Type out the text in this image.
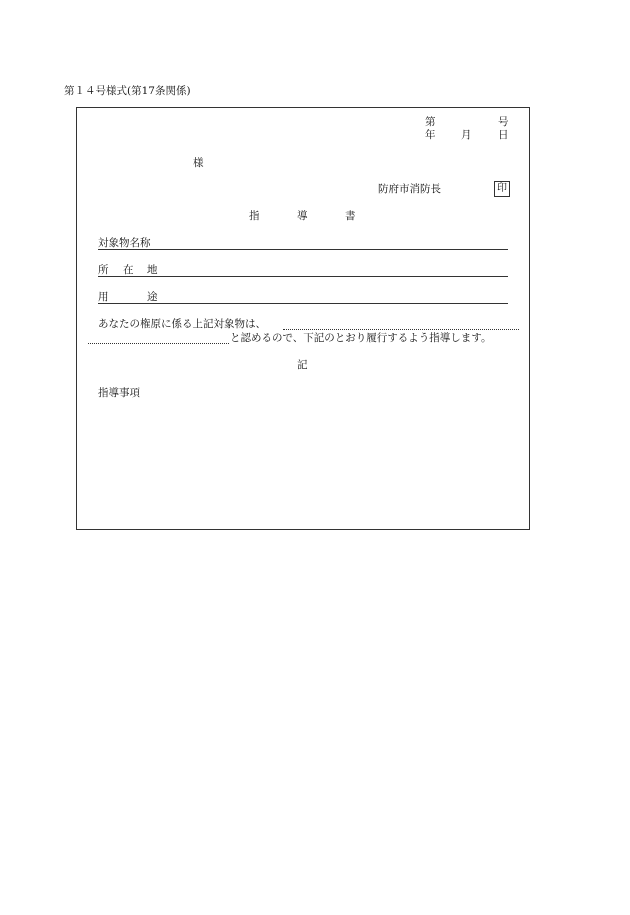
第１４号様式(第17条関係)
第	号
年 月	日
様
防府市消防長	印
指	導	書
対象物名称
所 在 地
用	途
あなたの権原に係る上記対象物は、
と認めるので、下記のとおり履行するよう指導します。
記
指導事項
